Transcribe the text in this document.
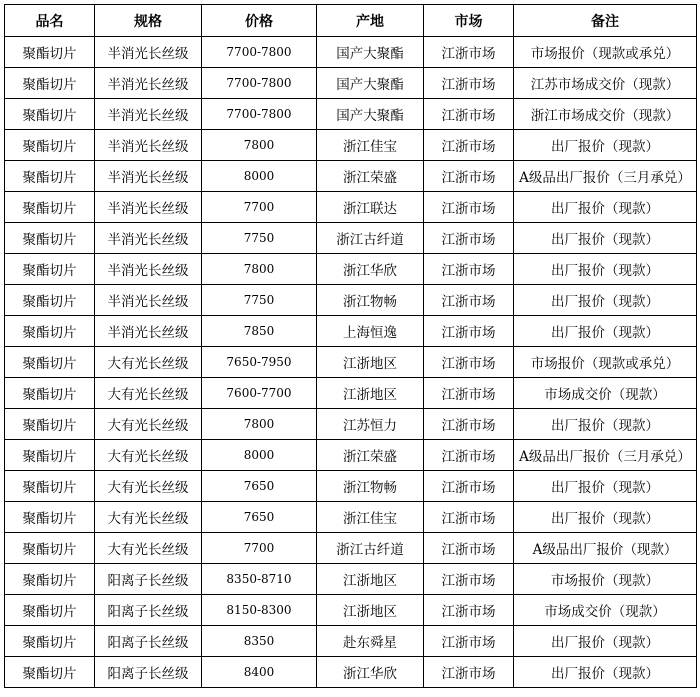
品名	规格	价格	产地	市场	备注
聚酯切片	半消光长丝级	7700-7800	国产大聚酯	江浙市场	市场报价（现款或承兑）
聚酯切片	半消光长丝级	7700-7800	国产大聚酯	江浙市场	江苏市场成交价（现款）
聚酯切片	半消光长丝级	7700-7800	国产大聚酯	江浙市场	浙江市场成交价（现款）
聚酯切片	半消光长丝级	7800	浙江佳宝	江浙市场	出厂报价（现款）
聚酯切片	半消光长丝级	8000	浙江荣盛	江浙市场	A级品出厂报价（三月承兑）
聚酯切片	半消光长丝级	7700	浙江联达	江浙市场	出厂报价（现款）
聚酯切片	半消光长丝级	7750	浙江古纤道	江浙市场	出厂报价（现款）
聚酯切片	半消光长丝级	7800	浙江华欣	江浙市场	出厂报价（现款）
聚酯切片	半消光长丝级	7750	浙江物畅	江浙市场	出厂报价（现款）
聚酯切片	半消光长丝级	7850	上海恒逸	江浙市场	出厂报价（现款）
聚酯切片	大有光长丝级	7650-7950	江浙地区	江浙市场	市场报价（现款或承兑）
聚酯切片	大有光长丝级	7600-7700	江浙地区	江浙市场	市场成交价（现款）
聚酯切片	大有光长丝级	7800	江苏恒力	江浙市场	出厂报价（现款）
聚酯切片	大有光长丝级	8000	浙江荣盛	江浙市场	A级品出厂报价（三月承兑）
聚酯切片	大有光长丝级	7650	浙江物畅	江浙市场	出厂报价（现款）
聚酯切片	大有光长丝级	7650	浙江佳宝	江浙市场	出厂报价（现款）
聚酯切片	大有光长丝级	7700	浙江古纤道	江浙市场	A级品出厂报价（现款）
聚酯切片	阳离子长丝级	8350-8710	江浙地区	江浙市场	市场报价（现款）
聚酯切片	阳离子长丝级	8150-8300	江浙地区	江浙市场	市场成交价（现款）
聚酯切片	阳离子长丝级	8350	赴东舜星	江浙市场	出厂报价（现款）
聚酯切片	阳离子长丝级	8400	浙江华欣	江浙市场	出厂报价（现款）
